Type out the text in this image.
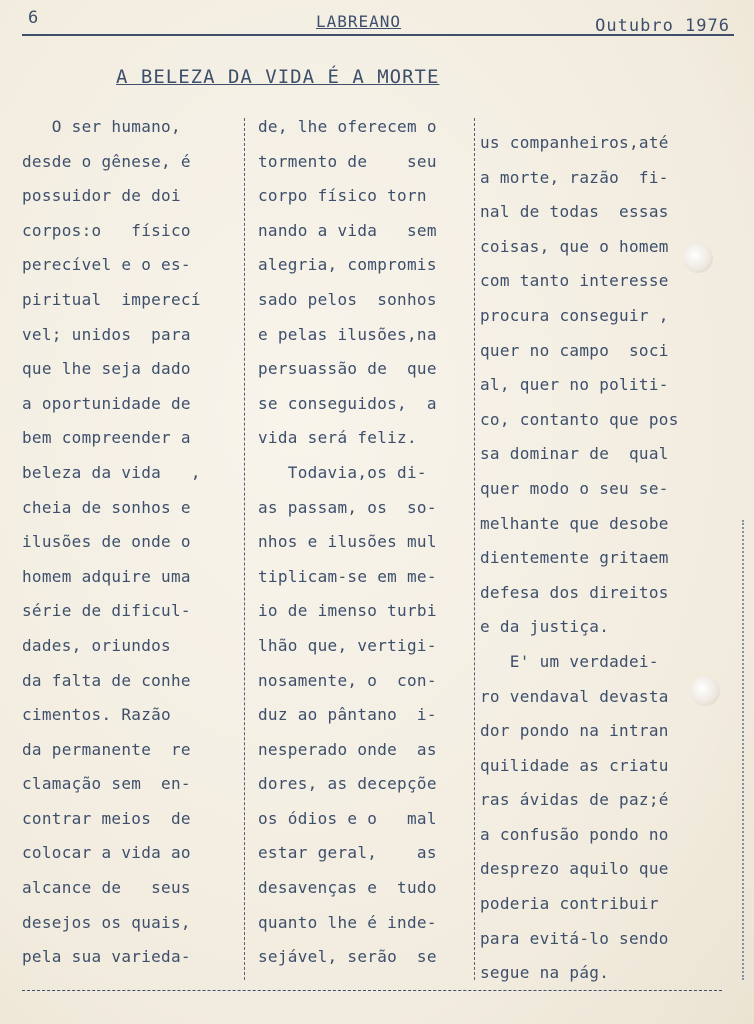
6	LABREANO	Outubro 1976
A BELEZA DA VIDA É A MORTE
O ser humano,
desde o gênese, é
possuidor de doi
corpos:o   físico
perecível e o es-
piritual  imperecí
vel; unidos  para
que lhe seja dado
a oportunidade de
bem compreender a
beleza da vida   ,
cheia de sonhos e
ilusões de onde o
homem adquire uma
série de dificul-
dades, oriundos
da falta de conhe
cimentos. Razão
da permanente  re
clamação sem  en-
contrar meios  de
colocar a vida ao
alcance de   seus
desejos os quais,
pela sua varieda-
de, lhe oferecem o
tormento de    seu
corpo físico torn
nando a vida   sem
alegria, compromis
sado pelos  sonhos
e pelas ilusões,na
persuassão de  que
se conseguidos,  a
vida será feliz.
Todavia,os di-
as passam, os  so-
nhos e ilusões mul
tiplicam-se em me-
io de imenso turbi
lhão que, vertigi-
nosamente, o  con-
duz ao pântano  i-
nesperado onde  as
dores, as decepçõe
os ódios e o   mal
estar geral,    as
desavenças e  tudo
quanto lhe é inde-
sejável, serão  se
us companheiros,até
a morte, razão  fi-
nal de todas  essas
coisas, que o homem
com tanto interesse
procura conseguir ,
quer no campo  soci
al, quer no politi-
co, contanto que pos
sa dominar de  qual
quer modo o seu se-
melhante que desobe
dientemente gritaem
defesa dos direitos
e da justiça.
E' um verdadei-
ro vendaval devasta
dor pondo na intran
quilidade as criatu
ras ávidas de paz;é
a confusão pondo no
desprezo aquilo que
poderia contribuir
para evitá-lo sendo
segue na pág.
